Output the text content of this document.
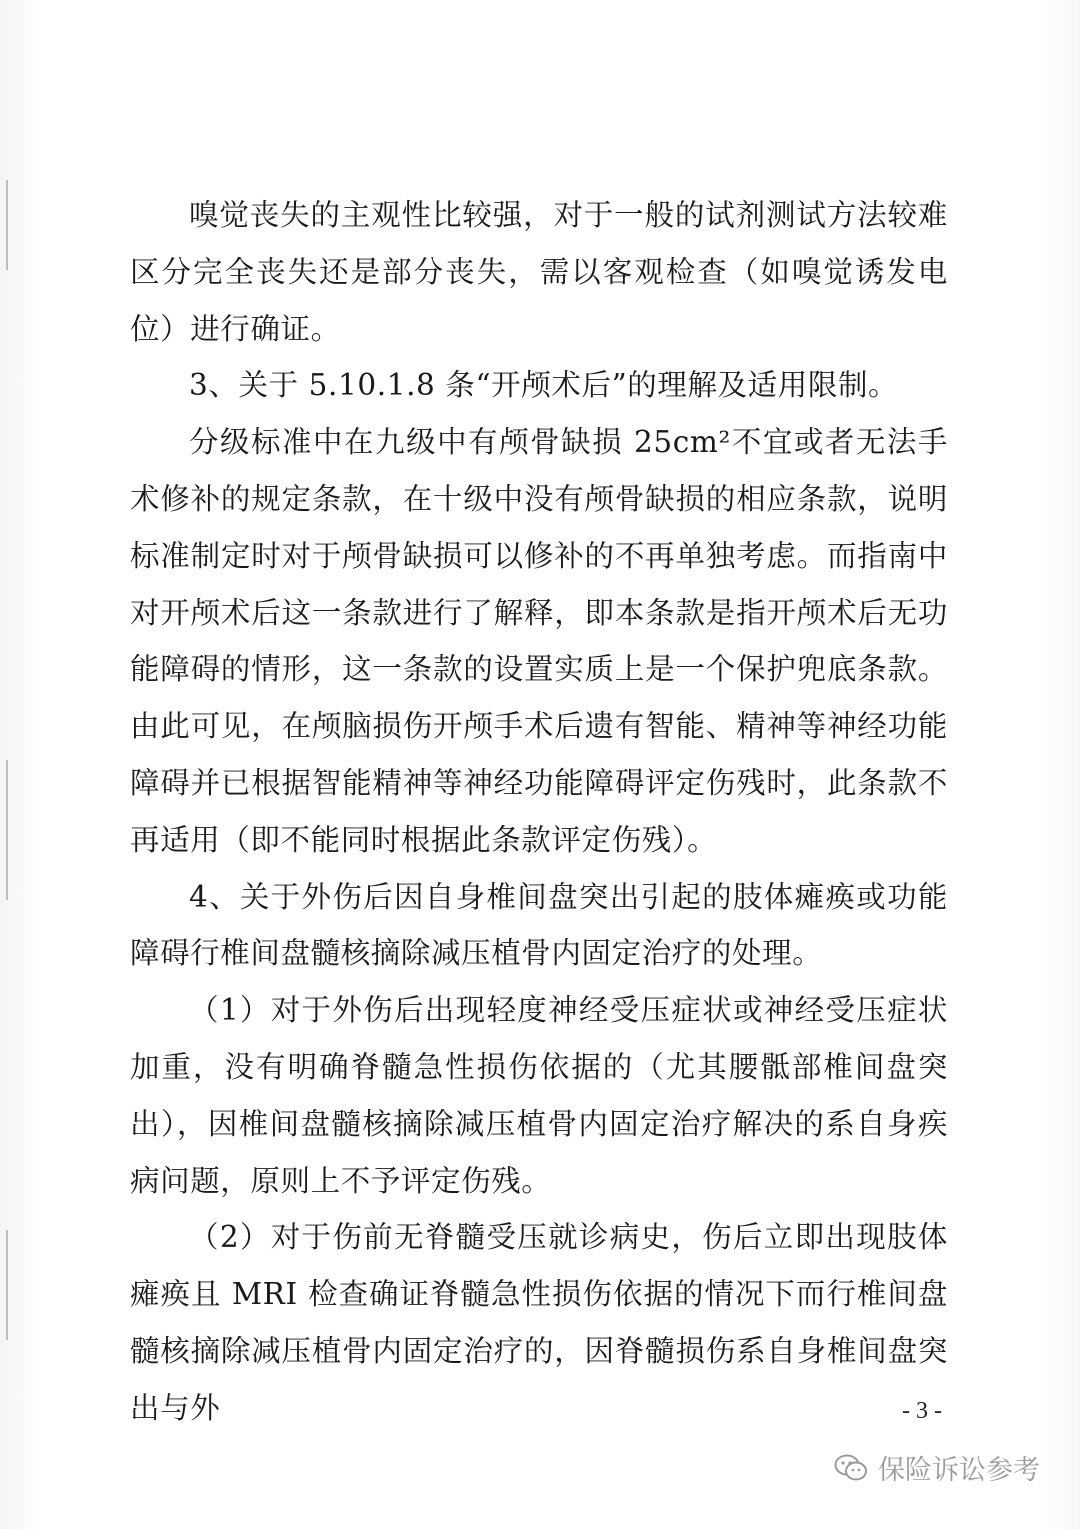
嗅觉丧失的主观性比较强，对于一般的试剂测试方法较难区分完全丧失还是部分丧失，需以客观检查（如嗅觉诱发电位）进行确证。

3、关于 5.10.1.8 条“开颅术后”的理解及适用限制。

分级标准中在九级中有颅骨缺损 25cm²不宜或者无法手术修补的规定条款，在十级中没有颅骨缺损的相应条款，说明标准制定时对于颅骨缺损可以修补的不再单独考虑。而指南中对开颅术后这一条款进行了解释，即本条款是指开颅术后无功能障碍的情形，这一条款的设置实质上是一个保护兜底条款。由此可见，在颅脑损伤开颅手术后遗有智能、精神等神经功能障碍并已根据智能精神等神经功能障碍评定伤残时，此条款不再适用（即不能同时根据此条款评定伤残）。

4、关于外伤后因自身椎间盘突出引起的肢体瘫痪或功能障碍行椎间盘髓核摘除减压植骨内固定治疗的处理。

（1）对于外伤后出现轻度神经受压症状或神经受压症状加重，没有明确脊髓急性损伤依据的（尤其腰骶部椎间盘突出），因椎间盘髓核摘除减压植骨内固定治疗解决的系自身疾病问题，原则上不予评定伤残。

（2）对于伤前无脊髓受压就诊病史，伤后立即出现肢体瘫痪且 MRI 检查确证脊髓急性损伤依据的情况下而行椎间盘髓核摘除减压植骨内固定治疗的，因脊髓损伤系自身椎间盘突出与外	- 3 -
保险诉讼参考
